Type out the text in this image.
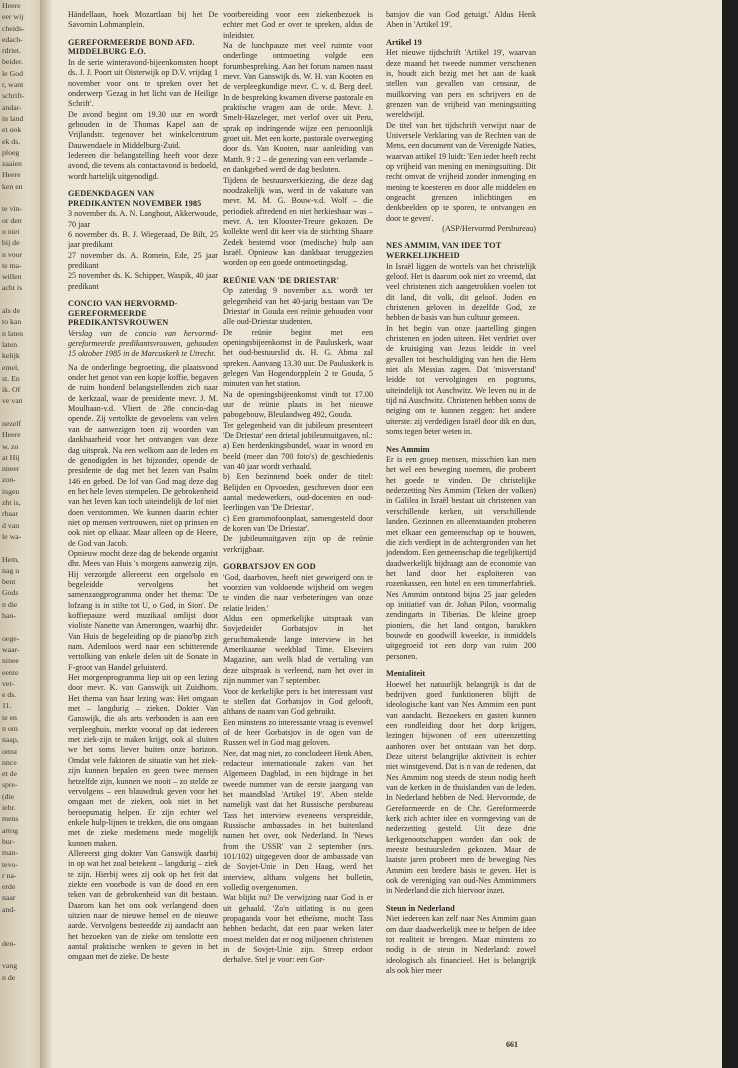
Heere
eer wij
cheids-
edach-
rdriet.
beider.
le God
r, want
schrift-
andar-
in land
et ook
ek ds.
ploeg
zaaien
Heere
ken en

te vin-
or den
u niet
bij de
n voor
te ma-
willen
acht is

als de
to kan
n laten
laten
kelijk
emel,
st. En
ik. Of
ve van

nezelf
Heere
w, zo
at Hij
nneer
zon-
ingen
zht is,
rbaar
d van
le wa-

Hem,
nag u
bent
Gods
n die
han-

oege-
waar-
ninee
eente
ver-
e ds.
11.
te en
n om
naap,
omst
nnce
et de
spre-
(die
iebr.
mens
artog
bur-
man-
tevo-
r na-
erde
naar
and-

den-

vang
n de

Händellaan, hoek Mozartlaan bij het De Savornin Lohmanplein.

GEREFORMEERDE BOND AFD. MIDDELBURG E.O.

In de serie winteravond-bijeenkomsten hoopt ds. J. J. Poort uit Oisterwijk op D.V. vrijdag 1 november voor ons te spreken over het onderwerp 'Gezag in het licht van de Heilige Schrift'.

De avond begint om 19.30 uur en wordt gehouden in de Thomas Kapel aan de Vrijlandstr. tegenover het winkelcentrum Dauwendaele in Middelburg-Zuid.

Iedereen die belangstelling heeft voor deze avond, die tevens als contactavond is bedoeld, wordt hartelijk uitgenodigd.

GEDENKDAGEN VAN PREDIKANTEN NOVEMBER 1985

3 november ds. A. N. Langhout, Akkerwoude, 70 jaar

6 november ds. B. J. Wiegeraad, De Bilt, 25 jaar predikant

27 november ds. A. Romein, Ede, 25 jaar predikant

25 november ds. K. Schipper, Waspik, 40 jaar predikant

CONCIO VAN HERVORMD-GEREFORMEERDE PREDIKANTSVROUWEN

Verslag van de concio van hervormd-gereformeerde predikantsvrouwen, gehouden 15 oktober 1985 in de Marcuskerk te Utrecht.

Na de onderlinge begroeting, die plaatsvond onder het genot van een kopje koffie, begaven de ruim honderd belangstellenden zich naar de kerkzaal, waar de presidente mevr. J. M. Moulhaan-v.d. Vliert de 28e concio-dag opende. Zij vertolkte de gevoelens van velen van de aanwezigen toen zij woorden van dankbaarheid voor het ontvangen van deze dag uitsprak. Na een welkom aan de leden en de genodigden in het bijzonder, opende de presidente de dag met het lezen van Psalm 146 en gebed. De lof van God mag deze dag en het hele leven stempelen. De gebrokenheid van het leven kan toch uiteindelijk de lof niet doen verstommen. We kunnen daarin echter niet op mensen vertrouwen, niet op prinsen en ook niet op elkaar. Maar alleen op de Heere, de God van Jacob.

Opnieuw mocht deze dag de bekende organist dhr. Mees van Huis 's morgens aanwezig zijn. Hij verzorgde allereerst een orgelsolo en begeleidde vervolgens het samenzangprogramma onder het thema: 'De lofzang is in stilte tot U, o God, in Sion'. De koffiepauze werd muzikaal omlijst door violiste Nanette van Amerongen, waarbij dhr. Van Huis de begeleiding op de piano'bp zich nam. Ademloos werd naar een schitterende vertolking van enkele delen uit de Sonate in F-groot van Handel geluisterd.

Het morgenprogramma liep uit op een lezing door mevr. K. van Ganswijk uit Zuidhorn. Het thema van haar lezing was: Het omgaan met – langdurig – zieken. Dokter Van Ganswijk, die als arts verbonden is aan een verpleeghuis, merkte vooraf op dat iedereen met ziek-zijn te maken krijgt, ook al sluiten we het soms liever buiten onze horizon. Omdat vele faktoren de situatie van het ziek-zijn kunnen bepalen en geen twee mensen hetzelfde zijn, kunnen we nooit – zo stelde ze vervolgens – een blauwdruk geven voor het omgaan met de zieken, ook niet in het beroepsmatig helpen. Er zijn echter wel enkele hulp-lijnen te trekken, die ons omgaan met de zieke medemens mede mogelijk kunnen maken.

Allereerst ging dokter Van Ganswijk daarbij in op wat het zoal betekent – langdurig – ziek te zijn. Hierbij wees zij ook op het feit dat ziekte een voorbode is van de dood en een teken van de gebrokenheid van dit bestaan. Daarom kan het ons ook verlangend doen uitzien naar de nieuwe hemel en de nieuwe aarde. Vervolgens besteedde zij aandacht aan het bezoeken van de zieke om tenslotte een aantal praktische wenken te geven in het omgaan met de zieke. De beste

voorbereiding voor een ziekenbezoek is echter met God er over te spreken, aldus de inleidster.

Na de lunchpauze met veel ruimte voor onderlinge ontmoeting volgde een forumbespreking. Aan het forum namen naast mevr. Van Ganswijk ds. W. H. van Kooten en de verpleegkundige mevr. C. v. d. Berg deel. In de bespreking kwamen diverse pastorale en praktische vragen aan de orde. Mevr. J. Smelt-Hazeleger, met verlof over uit Peru, sprak op indringende wijze een persoonlijk groet uit. Met een korte, pastorale overweging door ds. Van Kooten, naar aanleiding van Matth. 9 : 2 – de genezing van een verlamde – en dankgebed werd de dag besloten.

Tijdens de bestuursverkiezing, die deze dag noodzakelijk was, werd in de vakature van mevr. M. M. G. Bouw-v.d. Wolf – die periodiek aftredend en niet herkiesbaar was – mevr. A. ten Klooster-Treure gekozen. De kollekte werd dit keer via de stichting Shaare Zedek bestemd voor (medische) hulp aan Israël. Opnieuw kan dankbaar teruggezien worden op een goede ontmoetingsdag.

REÜNIE VAN 'DE DRIESTAR'

Op zaterdag 9 november a.s. wordt ter gelegenheid van het 40-jarig bestaan van 'De Driestar' in Gouda een reünie gehouden voor alle oud-Driestar studenten.

De reünie begint met een openingsbijeenkomst in de Pauluskerk, waar het oud-bestuurslid ds. H. G. Abma zal spreken. Aanvang 13.30 uur. De Pauluskerk is gelegen Van Hogendorpplein 2 te Gouda, 5 minuten van het station.

Na de openingsbijeenkomst vindt tot 17.00 uur de reünie plaats in het nieuwe pabogebouw, Bleulandweg 492, Gouda.

Ter gelegenheid van dit jubileum presenteert 'De Driestar' een drietal jubileumuitgaven, nl.:

a) Een herdenkingsbundel, waar in woord en beeld (meer dan 700 foto's) de geschiedenis van 40 jaar wordt verhaald.

b) Een bezinnend boek onder de titel: Belijden en Opvoeden, geschreven door een aantal medewerkers, oud-docenten en oud-leerlingen van 'De Driestar'.

c) Een grammofoonplaat, samengesteld door de koren van 'De Driestar'.

De jubileumuitgaven zijn op de reünie verkrijgbaar.

GORBATSJOV EN GOD

'God, daarboven, heeft niet geweigerd ons te voorzien van voldoende wijsheid om wegen te vinden die naar verbeteringen van onze relatie leiden.'

Aldus een opmerkelijke uitspraak van Sovjetleider Gorbatsjov in het geruchtmakende lange interview in het Amerikaanse weekblad Time. Elseviers Magazine, aan welk blad de vertaling van deze uitspraak is verleend, nam het over in zijn nummer van 7 september.

Voor de kerkelijke pers is het interessant vast te stellen dat Gorbatsjov in God gelooft, althans de naam van God gebruikt.

Een minstens zo interessante vraag is evenwel of de heer Gorbatsjov in de ogen van de Russen wel in God mag geloven.

Nee, dat mag niet, zo concludeert Henk Aben, redacteur internationale zaken van het Algemeen Dagblad, in een bijdrage in het tweede nummer van de eerste jaargang van het maandblad 'Artikel 19'. Aben stelde namelijk vast dat het Russische persbureau Tass het interview eveneens verspreidde, Russische ambassades in het buitenland namen het over, ook Nederland. In 'News from the USSR' van 2 september (nrs. 101/102) uitgegeven door de ambassade van de Sovjet-Unie in Den Haag, werd het interview, althans volgens het bulletin, volledig overgenomen.

Wat blijkt nu? De verwijzing naar God is er uit gehaald. 'Zo'n uitlating is nu geen propaganda voor het etheïsme, mocht Tass hebben bedacht, dat een paar weken later moest melden dat er nog miljoenen christenen in de Sovjet-Unie zijn. Streep erdoor derhalve. Stel je voor: een Gor-

batsjov die van God getuigt.' Aldus Henk Aben in 'Artikel 19'.

Artikel 19

Het nieuwe tijdschrift 'Artikel 19', waarvan deze maand het tweede nummer verschenen is, houdt zich bezig met het aan de kaak stellen van gevallen van censuur, de muilkorving van pers en schrijvers en de grenzen van de vrijheid van meningsuiting wereldwijd.

De titel van het tijdschrift verwijst naar de Universele Verklaring van de Rechten van de Mens, een document van de Verenigde Naties, waarvan artikel 19 luidt: 'Een ieder heeft recht op vrijheid van mening en meningsuiting. Dit recht omvat de vrijheid zonder inmenging en mening te koesteren en door alle middelen en ongeacht grenzen inlichtingen en denkbeelden op te sporen, te ontvangen en door te geven'.

(ASP/Hervormd Persbureau)

NES AMMIM, VAN IDEE TOT WERKELIJKHEID

In Israël liggen de wortels van het christelijk geloof. Het is daarom ook niet zo vreemd, dat veel christenen zich aangetrokken voelen tot dit land, dit volk, dit geloof. Joden en christenen geloven in dezelfde God, ze hebben de basis van hun cultuur gemeen.

In het begin van onze jaartelling gingen christenen en joden uiteen. Het verdriet over de kruisiging van Jezus leidde in veel gevallen tot beschuldiging van hen die Hem niet als Messias zagen. Dat 'misverstand' leidde tot vervolgingen en pogroms, uiteindelijk tot Auschwitz. We leven nu in de tijd ná Auschwitz. Christenen hebben soms de neiging om te kunnen zeggen: het andere uiterste: zij verdedigen Israël door dik en dun, soms tegen beter weten in.

Nes Ammim

Er is een groep mensen, misschien kan men het wel een beweging noemen, die probeert het goede te vinden. De christelijke nederzetting Nes Ammim (Teken der volken) in Galilea in Israël bestaat uit christenen van verschillende kerken, uit verschillende landen. Gezinnen en alleenstaanden proberen met elkaar een gemeenschap op te bouwen, die zich verdiept in de achtergronden van het jodendom. Een gemeenschap die tegelijkertijd daadwerkelijk bijdraagt aan de economie van het land door het exploiteren van rozenkassen, een hotel en een timmerfabriek. Nes Ammim ontstond bijna 25 jaar geleden op initiatief van dr. Johan Pilon, voormalig zendingarts in Tiberias. De kleine groep pioniers, die het land ontgon, barakken bouwde en goodwill kweekte, is inmiddels uitgegroeid tot een dorp van ruim 200 personen.

Mentaliteit

Hoewel het natuurlijk belangrijk is dat de bedrijven goed funktioneren blijft de ideologische kant van Nes Ammim een punt van aandacht. Bezoekers en gasten kunnen een rondleiding door het dorp krijgen, lezingen bijwonen of een uiteenzetting aanhoren over het ontstaan van het dorp. Deze uiterst belangrijke aktiviteit is echter niet winstgevend. Dat is n van de redenen, dat Nes Ammim nog steeds de steun nodig heeft van de kerken in de thuislanden van de leden. In Nederland hebben de Ned. Hervormde, de Gereformeerde en de Chr. Gereformeerde kerk zich achter idee en vormgeving van de nederzetting gesteld. Uit deze drie kerkgenootschappen worden dan ook de meeste bestuursleden gekozen. Maar de laatste jaren probeert men de beweging Nes Ammim een bredere basis te geven. Het is ook de vereniging van oud-Nes Ammimmers in Nederland die zich hiervoor inzet.

Steun in Nederland

Niet iedereen kan zelf naar Nes Ammim gaan om daar daadwerkelijk mee te helpen de idee tot realiteit te brengen. Maar minstens zo nodig is de steun in Nederland: zowel ideologisch als financieel. Het is belangrijk als ook hier meer

661
